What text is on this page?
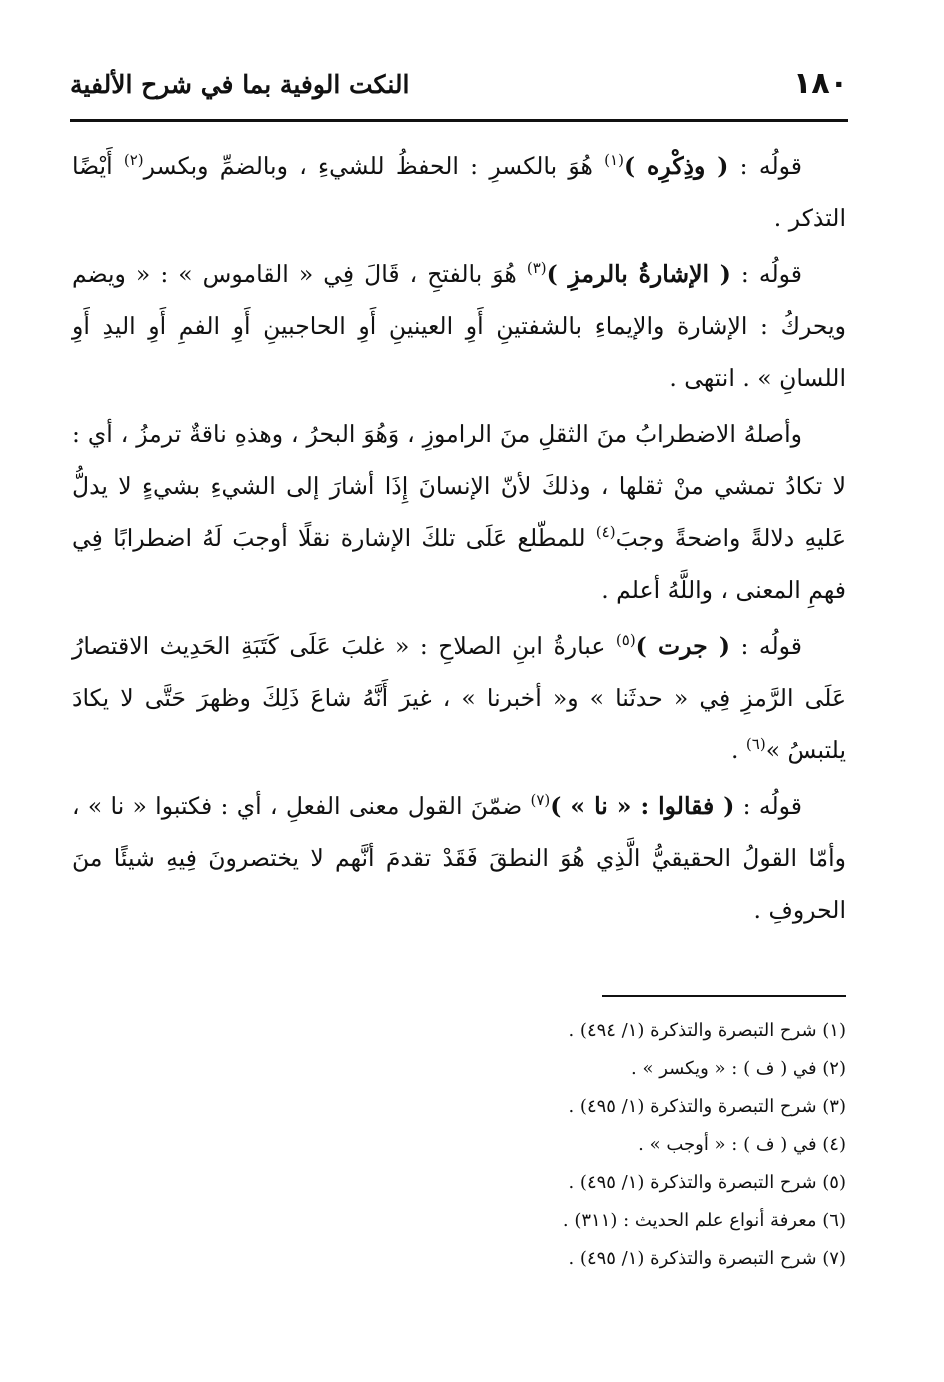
١٨٠
النكت الوفية بما في شرح الألفية

قولُه : ( وذِكْرِه )$^{(١)}$ هُوَ بالكسرِ : الحفظُ للشيءِ ، وبالضمِّ وبكسر$^{(٢)}$ أَيْضًا التذكر .

قولُه : ( الإشارةُ بالرمزِ )$^{(٣)}$ هُوَ بالفتحِ ، قَالَ فِي « القاموس » : « ويضم ويحركُ : الإشارة والإيماءِ بالشفتينِ أَوِ العينينِ أَوِ الحاجبينِ أَوِ الفمِ أَوِ اليدِ أَوِ اللسانِ » . انتهى .

وأصلهُ الاضطرابُ منَ الثقلِ منَ الراموزِ ، وَهُوَ البحرُ ، وهذهِ ناقةٌ ترمزُ ، أي : لا تكادُ تمشي منْ ثقلها ، وذلكَ لأنّ الإنسانَ إِذَا أشارَ إلى الشيءِ بشيءٍ لا يدلُّ عَليهِ دلالةً واضحةً وجبَ$^{(٤)}$ للمطّلع عَلَى تلكَ الإشارة نقلًا أوجبَ لَهُ اضطرابًا فِي فهمِ المعنى ، واللَّهُ أعلم .

قولُه : ( جرت )$^{(٥)}$ عبارةُ ابنِ الصلاحِ : « غلبَ عَلَى كَتَبَةِ الحَدِيث الاقتصارُ عَلَى الرَّمزِ فِي « حدثَنا » و« أخبرنا » ، غيرَ أَنَّهُ شاعَ ذَلِكَ وظهرَ حَتَّى لا يكادَ يلتبسُ »$^{(٦)}$ .

قولُه : ( فقالوا : « نا » )$^{(٧)}$ ضمّنَ القول معنى الفعلِ ، أي : فكتبوا « نا » ، وأمّا القولُ الحقيقيُّ الَّذِي هُوَ النطقَ فَقَدْ تقدمَ أنَّهم لا يختصرونَ فِيهِ شيئًا منَ الحروفِ .

(١) شرح التبصرة والتذكرة (١/ ٤٩٤) .
(٢) في ( ف ) : « ويكسر » .
(٣) شرح التبصرة والتذكرة (١/ ٤٩٥) .
(٤) في ( ف ) : « أوجب » .
(٥) شرح التبصرة والتذكرة (١/ ٤٩٥) .
(٦) معرفة أنواع علم الحديث : (٣١١) .
(٧) شرح التبصرة والتذكرة (١/ ٤٩٥) .
